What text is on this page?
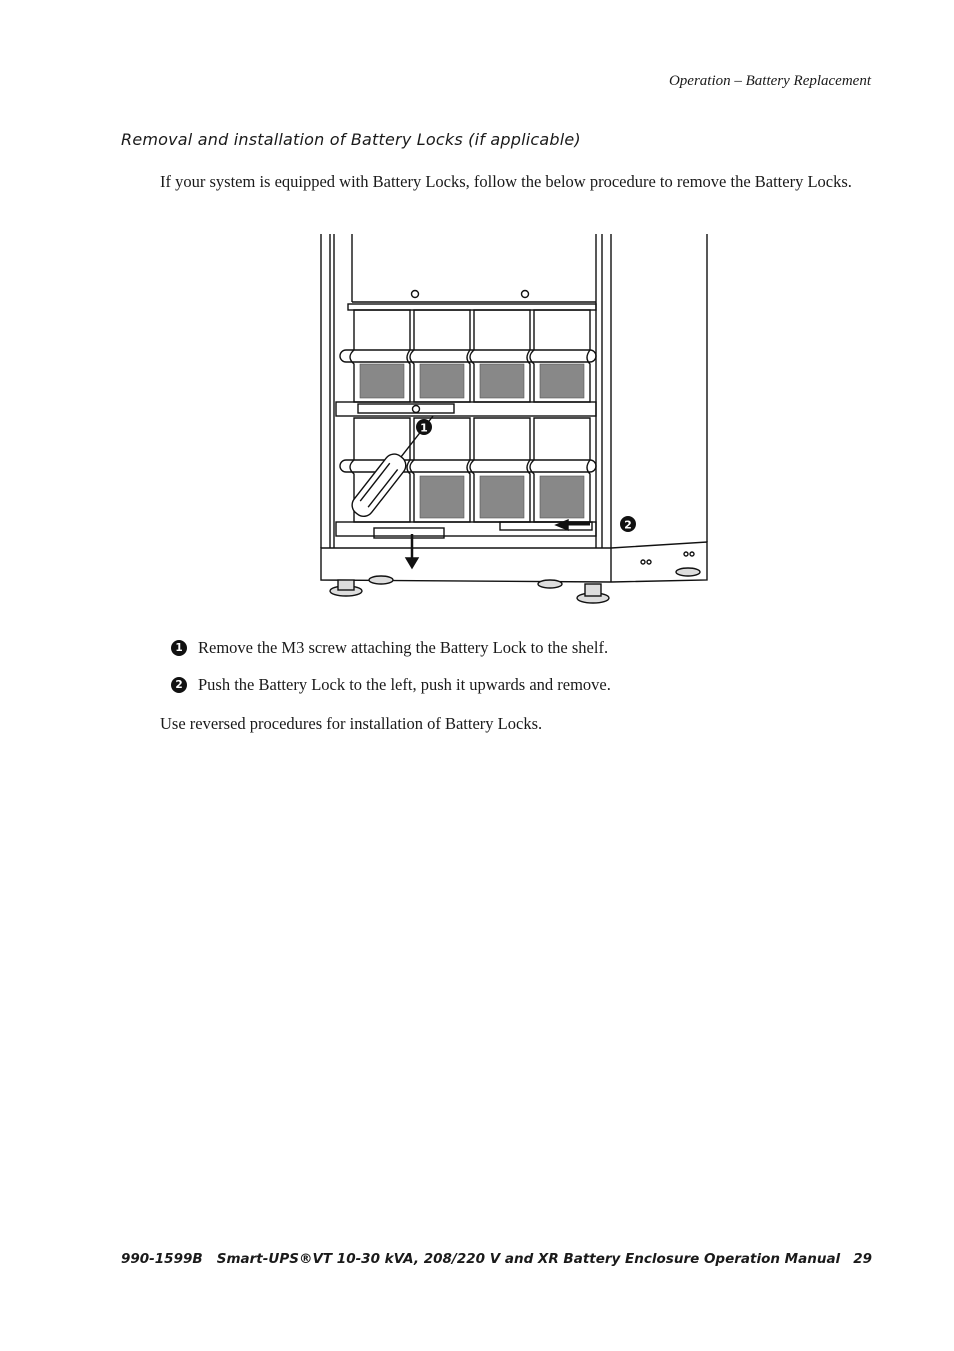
Operation – Battery Replacement
Removal and installation of Battery Locks (if applicable)
If your system is equipped with Battery Locks, follow the below procedure to remove the Battery Locks.
1
2
1 Remove the M3 screw attaching the Battery Lock to the shelf.
2 Push the Battery Lock to the left, push it upwards and remove.
Use reversed procedures for installation of Battery Locks.
990-1599B   Smart-UPS®VT 10-30 kVA, 208/220 V and XR Battery Enclosure Operation Manual 29
